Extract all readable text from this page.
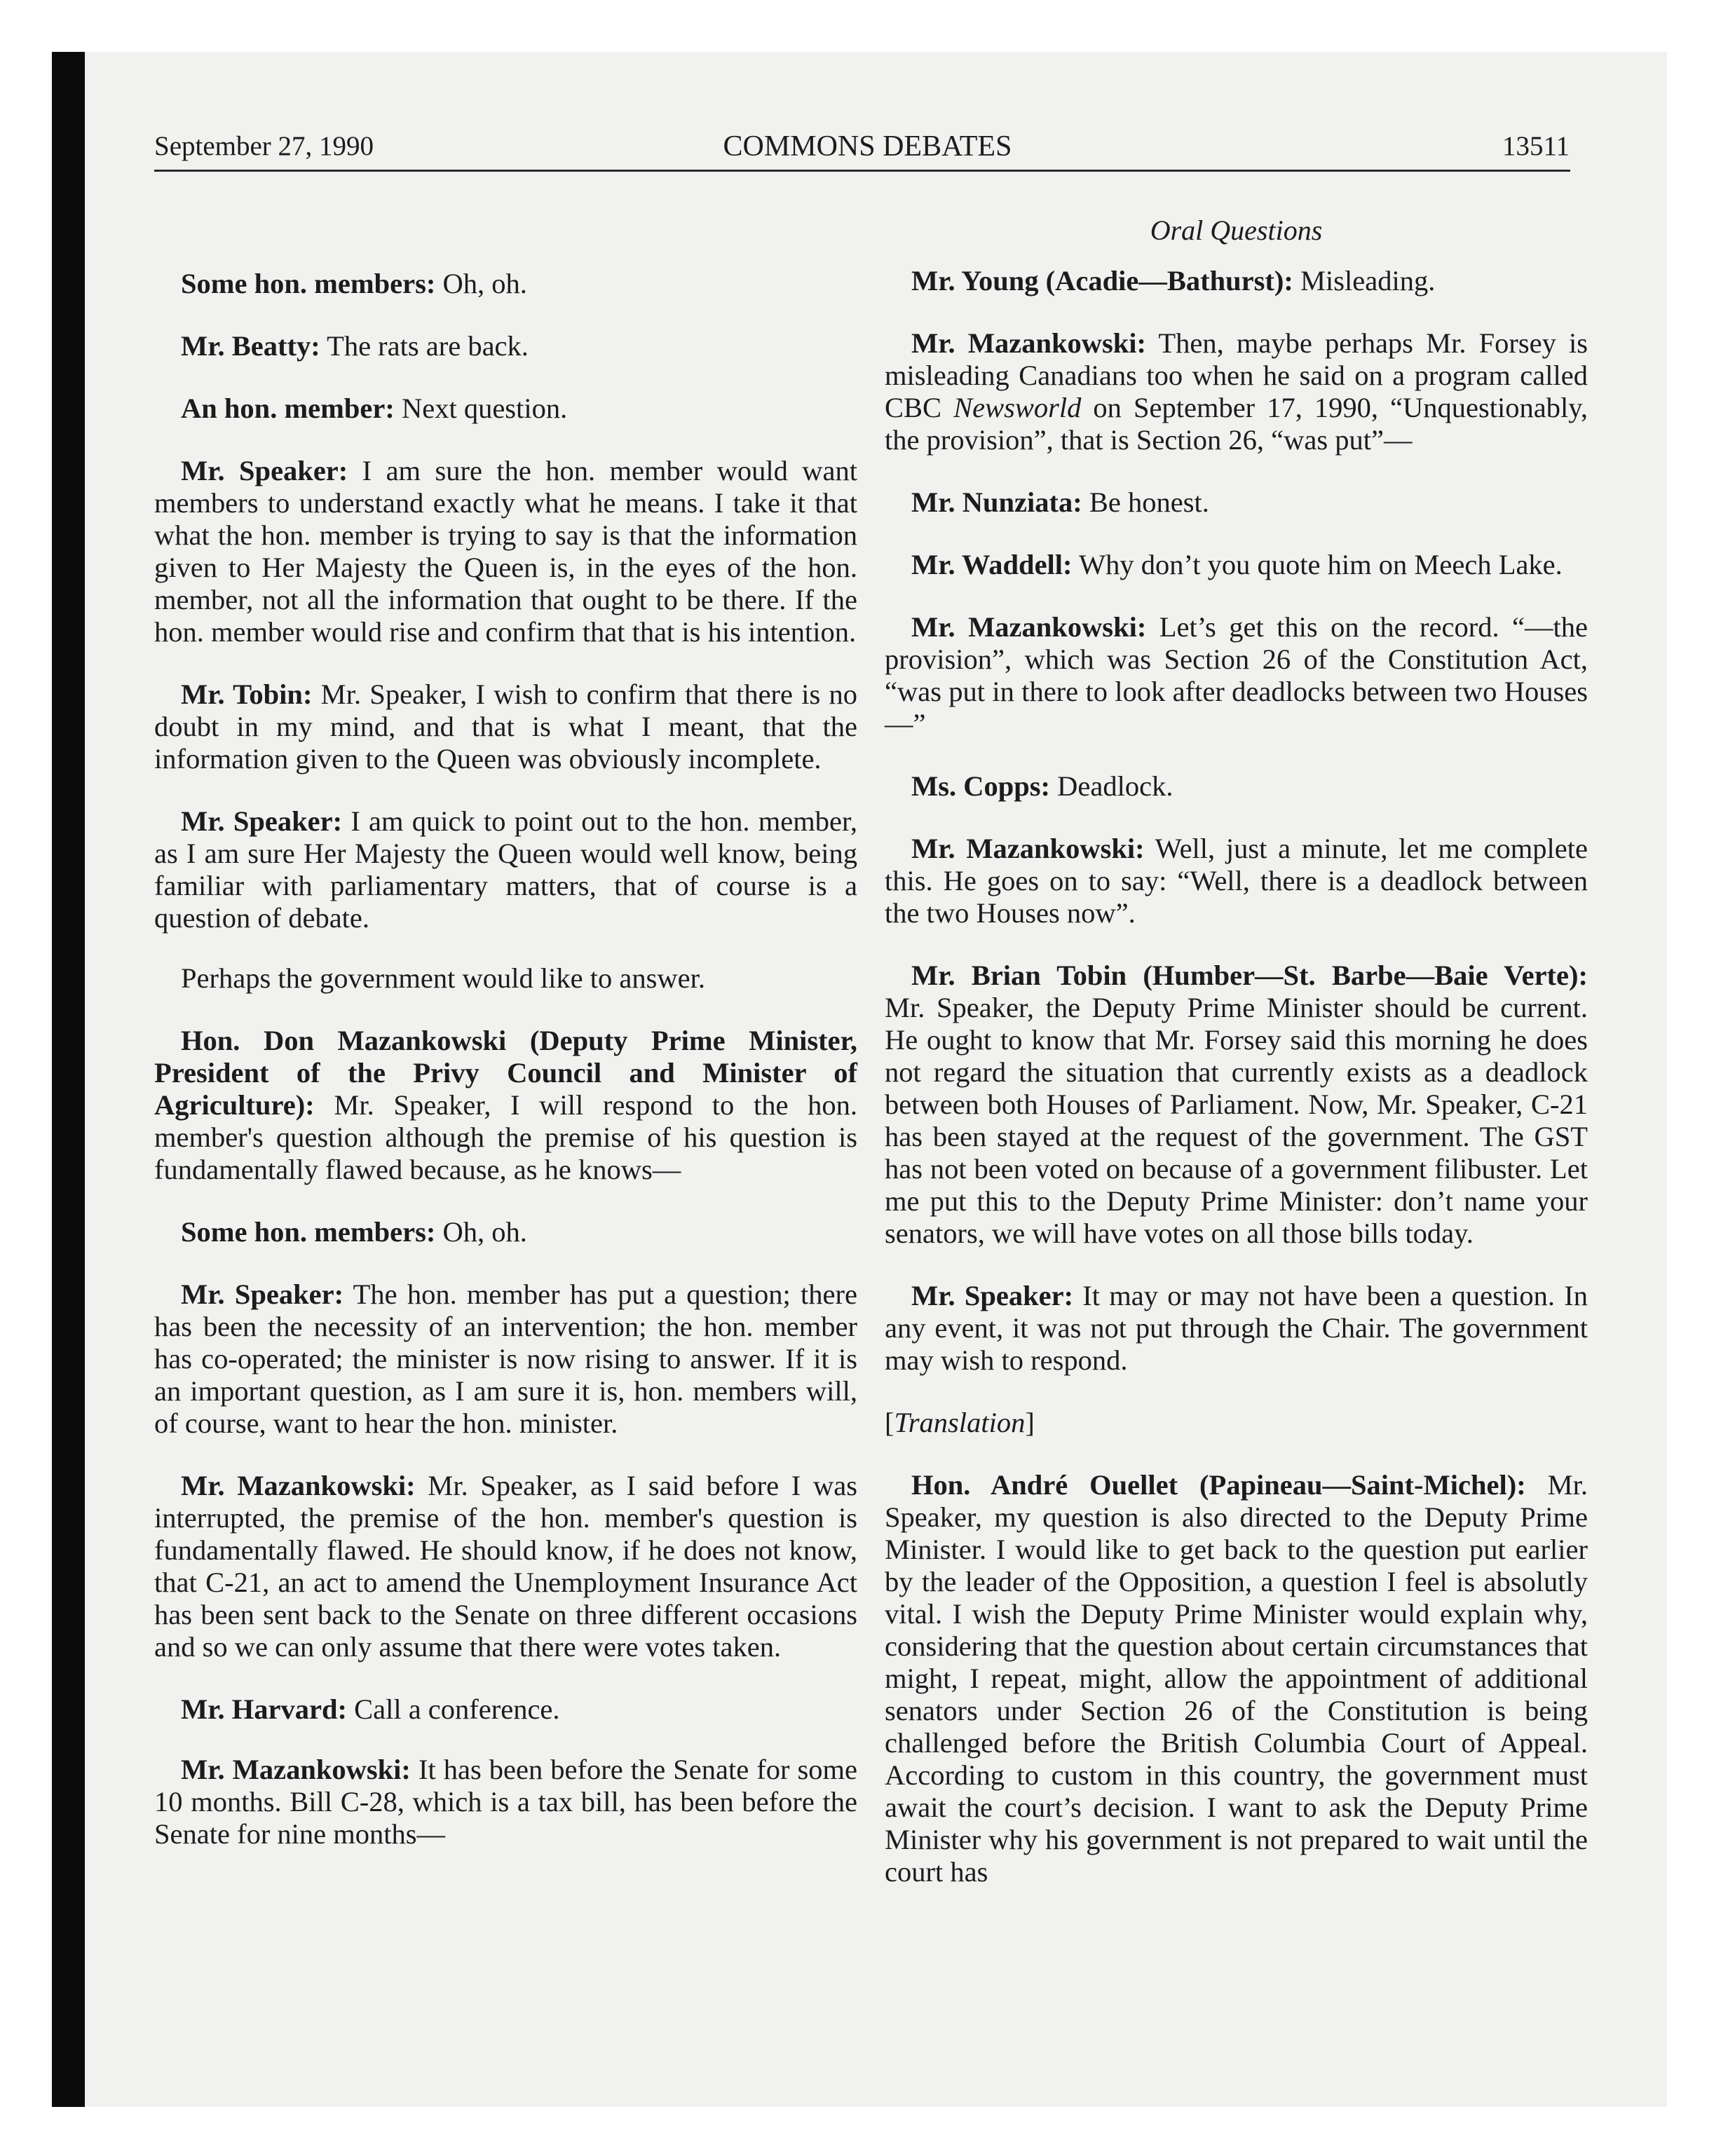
September 27, 1990	COMMONS DEBATES	13511
Oral Questions

Some hon. members: Oh, oh.

Mr. Beatty: The rats are back.

An hon. member: Next question.

Mr. Speaker: I am sure the hon. member would want members to understand exactly what he means. I take it that what the hon. member is trying to say is that the information given to Her Majesty the Queen is, in the eyes of the hon. member, not all the information that ought to be there. If the hon. member would rise and confirm that that is his intention.

Mr. Tobin: Mr. Speaker, I wish to confirm that there is no doubt in my mind, and that is what I meant, that the information given to the Queen was obviously incomplete.

Mr. Speaker: I am quick to point out to the hon. member, as I am sure Her Majesty the Queen would well know, being familiar with parliamentary matters, that of course is a question of debate.

Perhaps the government would like to answer.

Hon. Don Mazankowski (Deputy Prime Minister, President of the Privy Council and Minister of Agriculture): Mr. Speaker, I will respond to the hon. member's question although the premise of his question is fundamentally flawed because, as he knows—

Some hon. members: Oh, oh.

Mr. Speaker: The hon. member has put a question; there has been the necessity of an intervention; the hon. member has co-operated; the minister is now rising to answer. If it is an important question, as I am sure it is, hon. members will, of course, want to hear the hon. minister.

Mr. Mazankowski: Mr. Speaker, as I said before I was interrupted, the premise of the hon. member's question is fundamentally flawed. He should know, if he does not know, that C-21, an act to amend the Unemployment Insurance Act has been sent back to the Senate on three different occasions and so we can only assume that there were votes taken.

Mr. Harvard: Call a conference.

Mr. Mazankowski: It has been before the Senate for some 10 months. Bill C-28, which is a tax bill, has been before the Senate for nine months—

Mr. Young (Acadie—Bathurst): Misleading.

Mr. Mazankowski: Then, maybe perhaps Mr. Forsey is misleading Canadians too when he said on a program called CBC Newsworld on September 17, 1990, “Unquestionably, the provision”, that is Section 26, “was put”—

Mr. Nunziata: Be honest.

Mr. Waddell: Why don’t you quote him on Meech Lake.

Mr. Mazankowski: Let’s get this on the record. “—the provision”, which was Section 26 of the Constitution Act, “was put in there to look after deadlocks between two Houses—”

Ms. Copps: Deadlock.

Mr. Mazankowski: Well, just a minute, let me complete this. He goes on to say: “Well, there is a deadlock between the two Houses now”.

Mr. Brian Tobin (Humber—St. Barbe—Baie Verte): Mr. Speaker, the Deputy Prime Minister should be current. He ought to know that Mr. Forsey said this morning he does not regard the situation that currently exists as a deadlock between both Houses of Parliament. Now, Mr. Speaker, C-21 has been stayed at the request of the government. The GST has not been voted on because of a government filibuster. Let me put this to the Deputy Prime Minister: don’t name your senators, we will have votes on all those bills today.

Mr. Speaker: It may or may not have been a question. In any event, it was not put through the Chair. The government may wish to respond.

[Translation]

Hon. André Ouellet (Papineau—Saint-Michel): Mr. Speaker, my question is also directed to the Deputy Prime Minister. I would like to get back to the question put earlier by the leader of the Opposition, a question I feel is absolutly vital. I wish the Deputy Prime Minister would explain why, considering that the question about certain circumstances that might, I repeat, might, allow the appointment of additional senators under Section 26 of the Constitution is being challenged before the British Columbia Court of Appeal. According to custom in this country, the government must await the court’s decision. I want to ask the Deputy Prime Minister why his government is not prepared to wait until the court has
